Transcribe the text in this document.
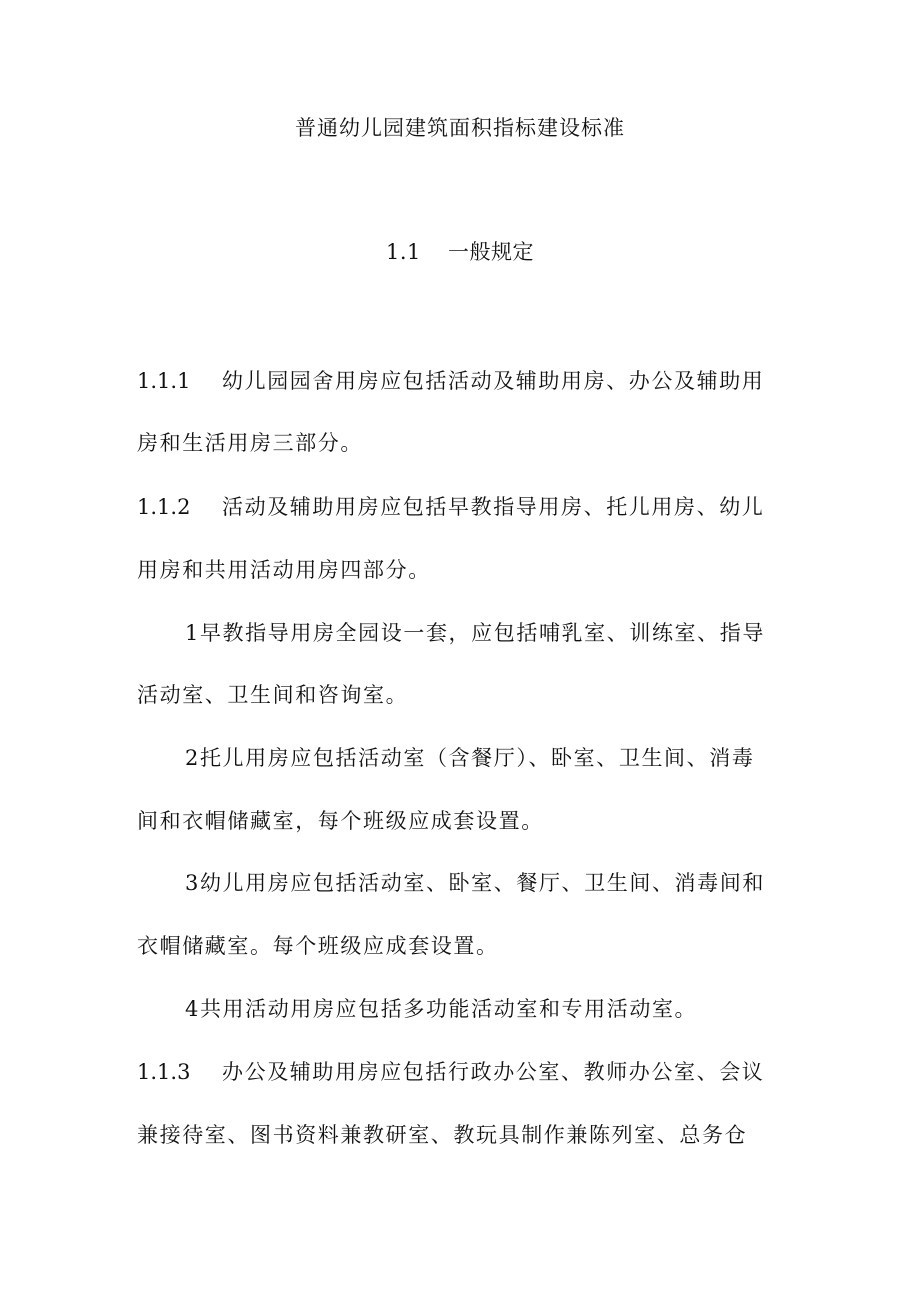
普通幼儿园建筑面积指标建设标准
1.1 一般规定
1.1.1 幼儿园园舍用房应包括活动及辅助用房、办公及辅助用
房和生活用房三部分。
1.1.2 活动及辅助用房应包括早教指导用房、托儿用房、幼儿
用房和共用活动用房四部分。
1早教指导用房全园设一套，应包括哺乳室、训练室、指导
活动室、卫生间和咨询室。
2托儿用房应包括活动室（含餐厅）、卧室、卫生间、消毒
间和衣帽储藏室，每个班级应成套设置。
3幼儿用房应包括活动室、卧室、餐厅、卫生间、消毒间和
衣帽储藏室。每个班级应成套设置。
4共用活动用房应包括多功能活动室和专用活动室。
1.1.3 办公及辅助用房应包括行政办公室、教师办公室、会议
兼接待室、图书资料兼教研室、教玩具制作兼陈列室、总务仓
